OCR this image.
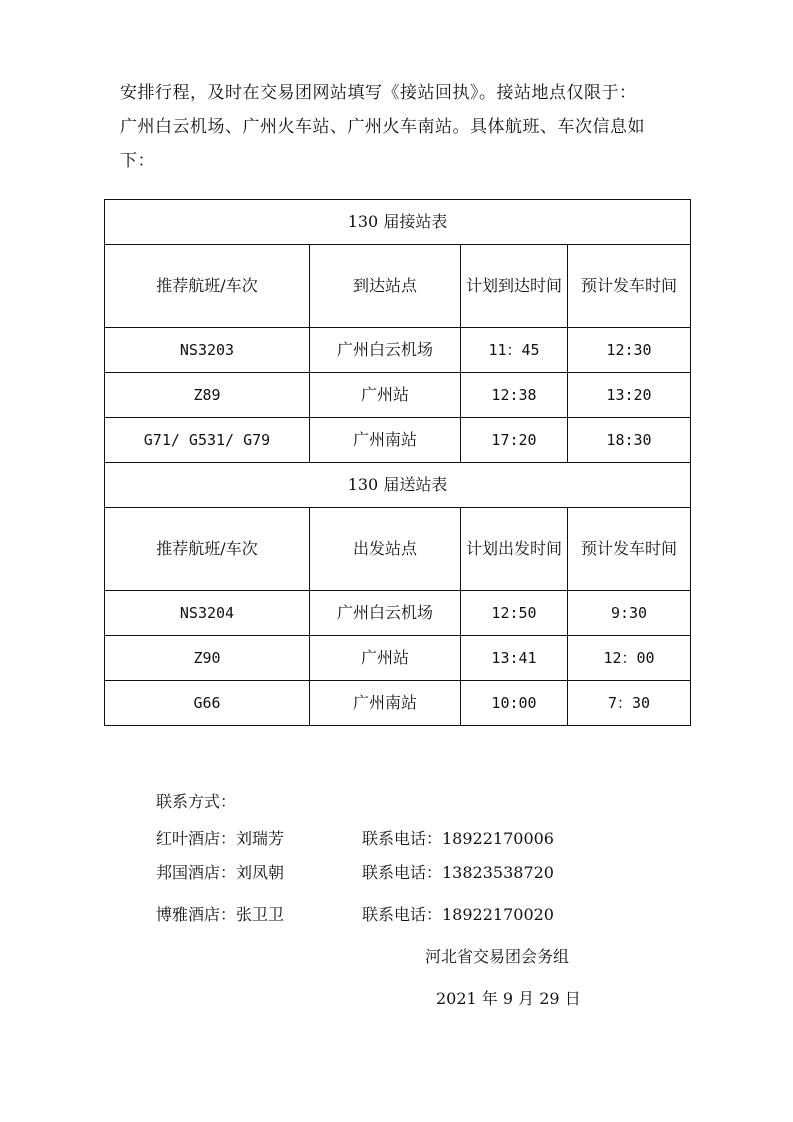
安排行程，及时在交易团网站填写《接站回执》。接站地点仅限于：

广州白云机场、广州火车站、广州火车南站。具体航班、车次信息如

下：

130 届接站表			
推荐航班/车次	到达站点	计划到达时间	预计发车时间
NS3203	广州白云机场	11：45	12:30
Z89	广州站	12:38	13:20
G71/ G531/ G79	广州南站	17:20	18:30
130 届送站表			
推荐航班/车次	出发站点	计划出发时间	预计发车时间
NS3204	广州白云机场	12:50	9:30
Z90	广州站	13:41	12：00
G66	广州南站	10:00	7：30
联系方式：
红叶酒店：刘瑞芳	联系电话：18922170006
邦国酒店：刘凤朝	联系电话：13823538720
博雅酒店：张卫卫	联系电话：18922170020
河北省交易团会务组
2021 年 9 月 29 日
